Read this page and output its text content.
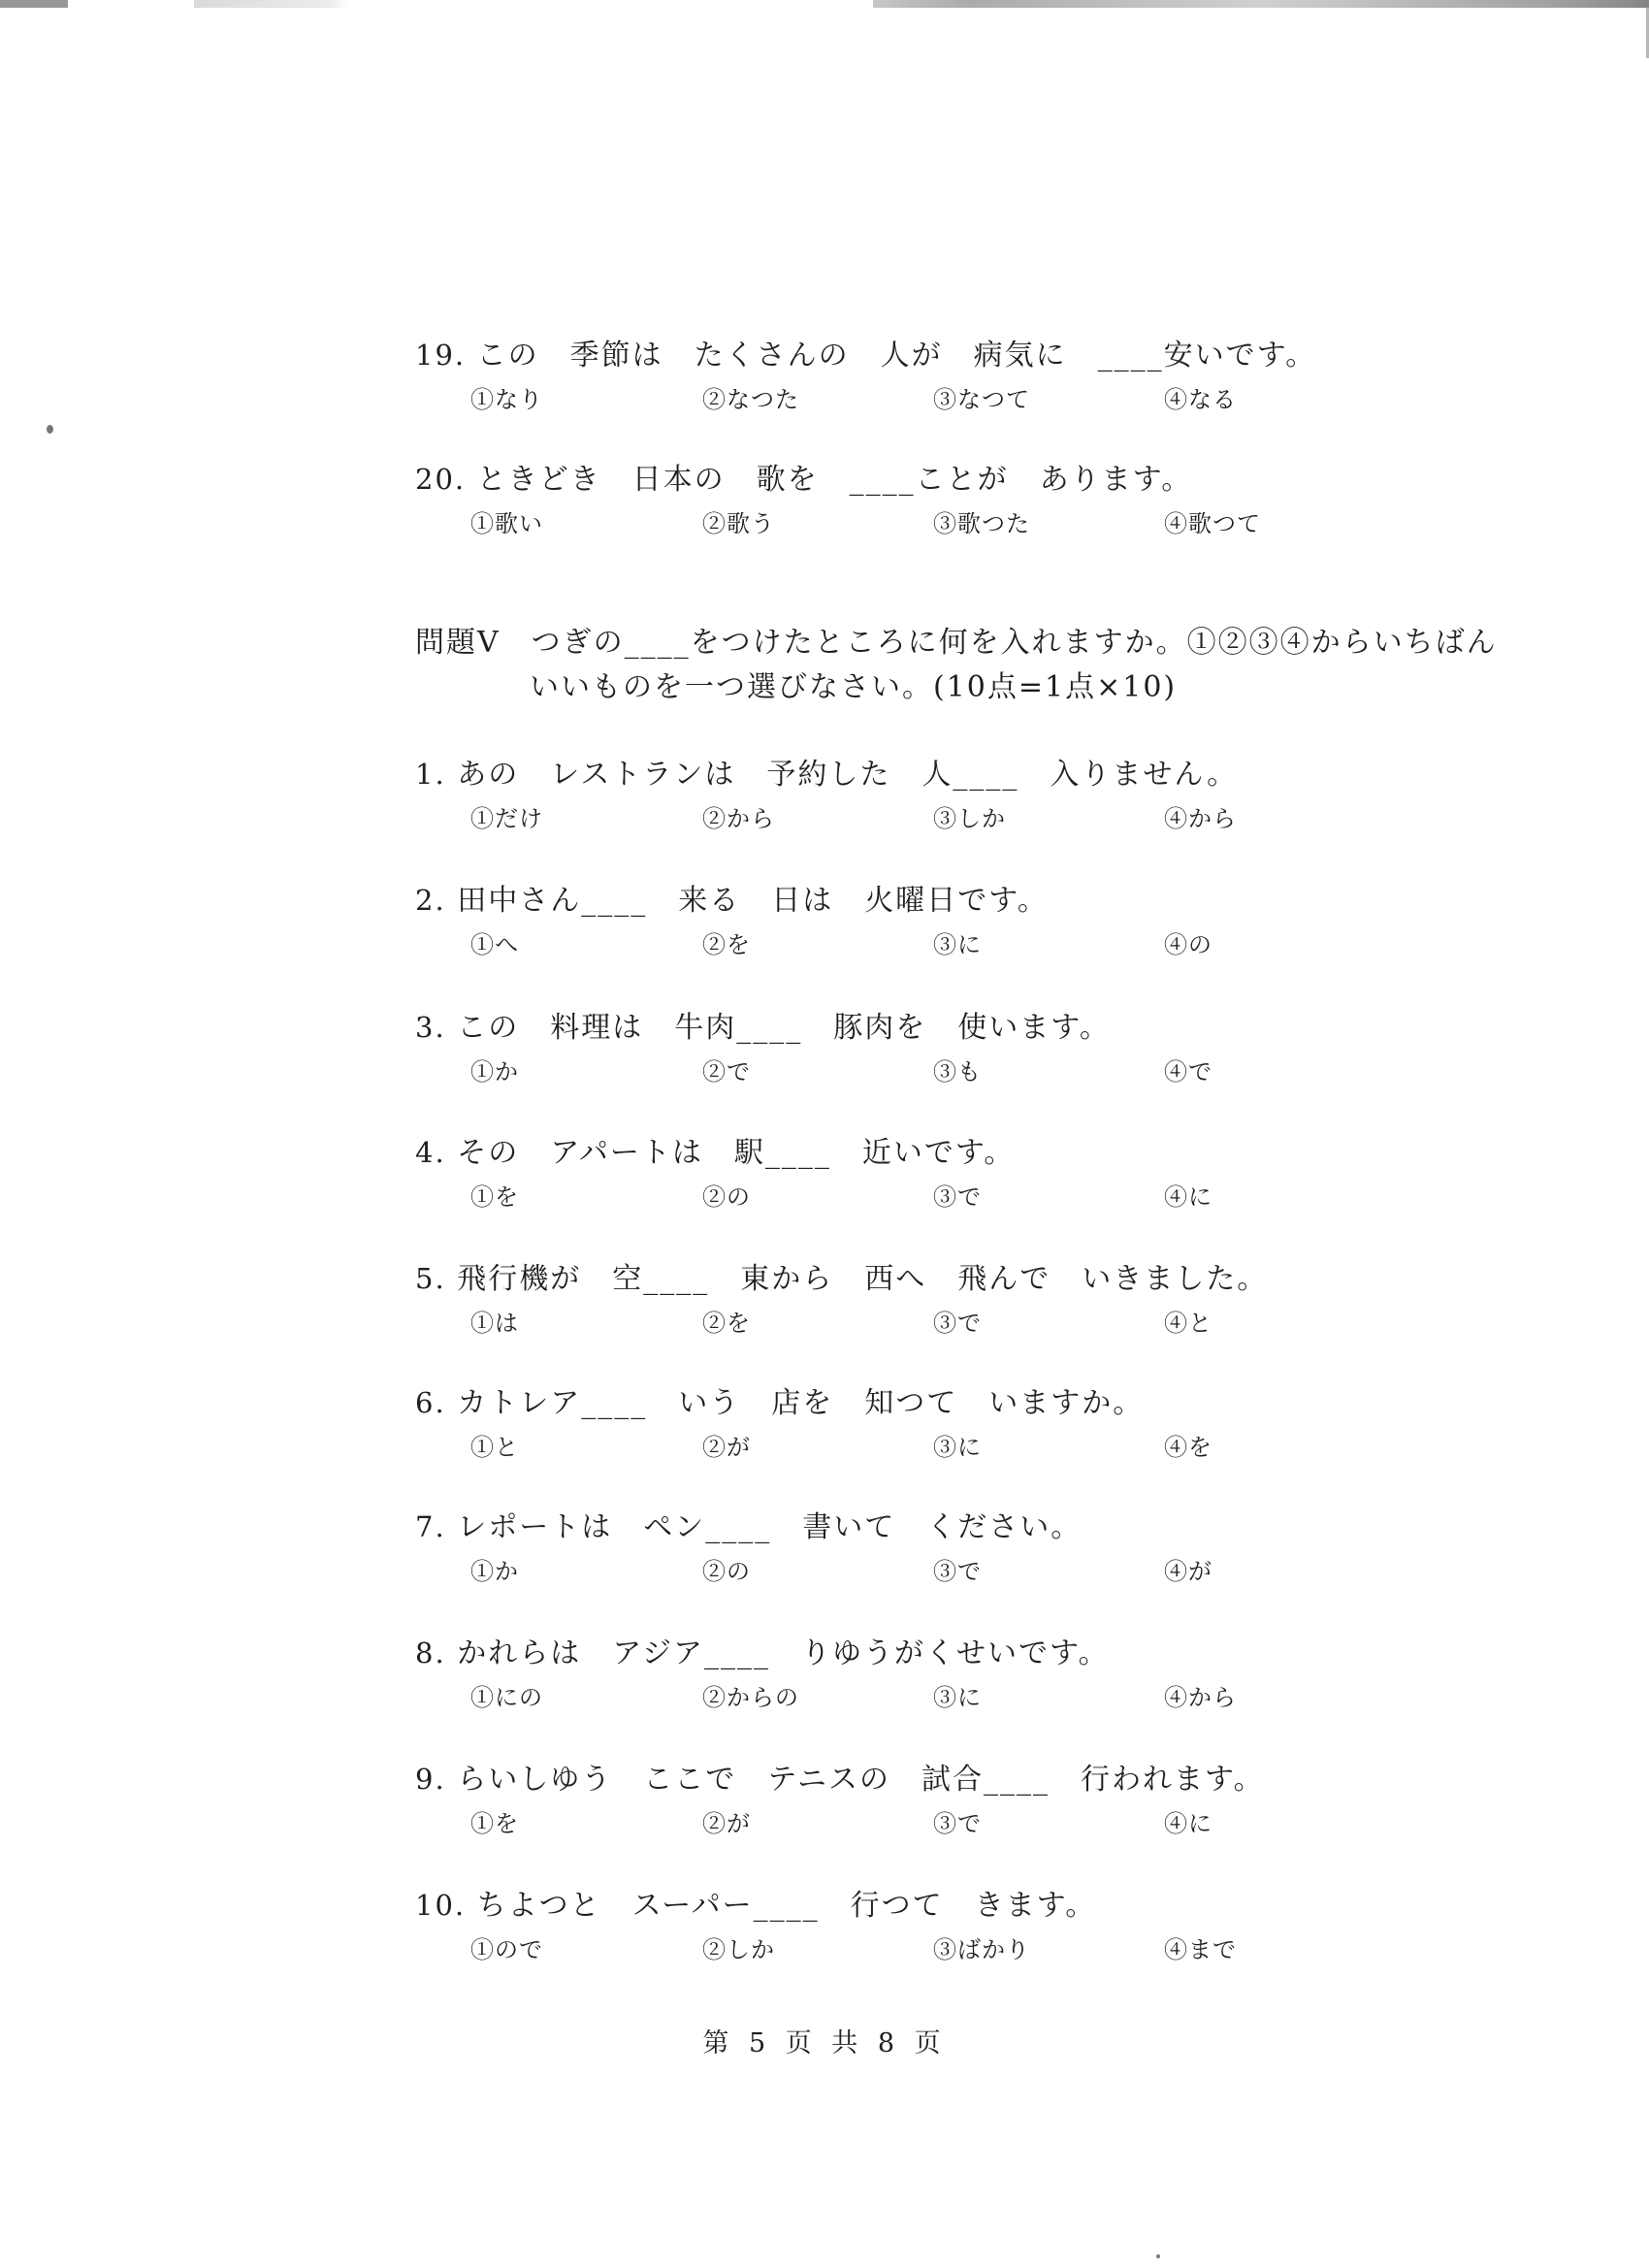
19. この　季節は　たくさんの　人が　病気に　____安いです。
①なり	②なつた	③なつて	④なる
20. ときどき　日本の　歌を　____ことが　あります。
①歌い	②歌う	③歌つた	④歌つて
問題Ⅴ　つぎの____をつけたところに何を入れますか。①②③④からいちばん
いいものを一つ選びなさい。(10点=1点×10)
1. あの　レストランは　予約した　人____　入りません。
①だけ	②から	③しか	④から
2. 田中さん____　来る　日は　火曜日です。
①へ	②を	③に	④の
3. この　料理は　牛肉____　豚肉を　使います。
①か	②で	③も	④で
4. その　アパートは　駅____　近いです。
①を	②の	③で	④に
5. 飛行機が　空____　東から　西へ　飛んで　いきました。
①は	②を	③で	④と
6. カトレア____　いう　店を　知つて　いますか。
①と	②が	③に	④を
7. レポートは　ペン____　書いて　ください。
①か	②の	③で	④が
8. かれらは　アジア____　りゆうがくせいです。
①にの	②からの	③に	④から
9. らいしゆう　ここで　テニスの　試合____　行われます。
①を	②が	③で	④に
10. ちよつと　スーパー____　行つて　きます。
①ので	②しか	③ばかり	④まで
第 5 页 共 8 页
